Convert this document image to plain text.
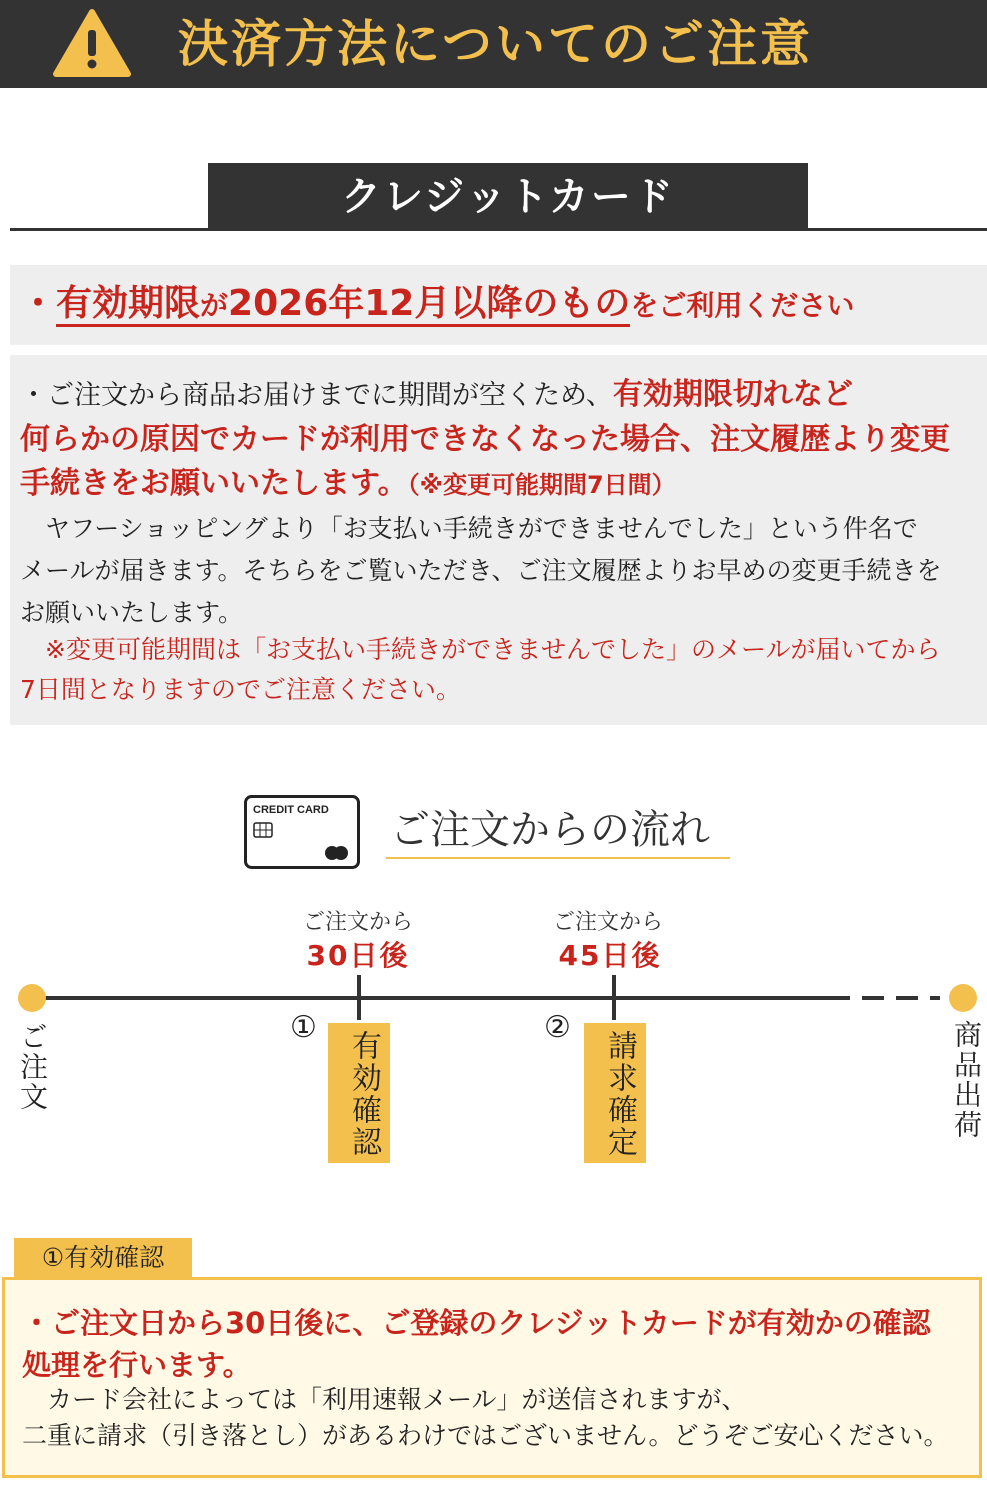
決済方法についてのご注意
クレジットカード
・有効期限が2026年12月以降のものをご利用ください
・ご注文から商品お届けまでに期間が空くため、有効期限切れなど
何らかの原因でカードが利用できなくなった場合、注文履歴より変更
手続きをお願いいたします。（※変更可能期間7日間）
　ヤフーショッピングより「お支払い手続きができませんでした」という件名で
メールが届きます。そちらをご覧いただき、ご注文履歴よりお早めの変更手続きを
お願いいたします。
　※変更可能期間は「お支払い手続きができませんでした」のメールが届いてから
7日間となりますのでご注意ください。
CREDIT CARD ご注文からの流れ
ご注文から
30日後
ご注文から
45日後
ご注文	商品出荷
①	②
有効確認	請求確定
①有効確認
・ご注文日から30日後に、ご登録のクレジットカードが有効かの確認
処理を行います。
　カード会社によっては「利用速報メール」が送信されますが、
二重に請求（引き落とし）があるわけではございません。どうぞご安心ください。
